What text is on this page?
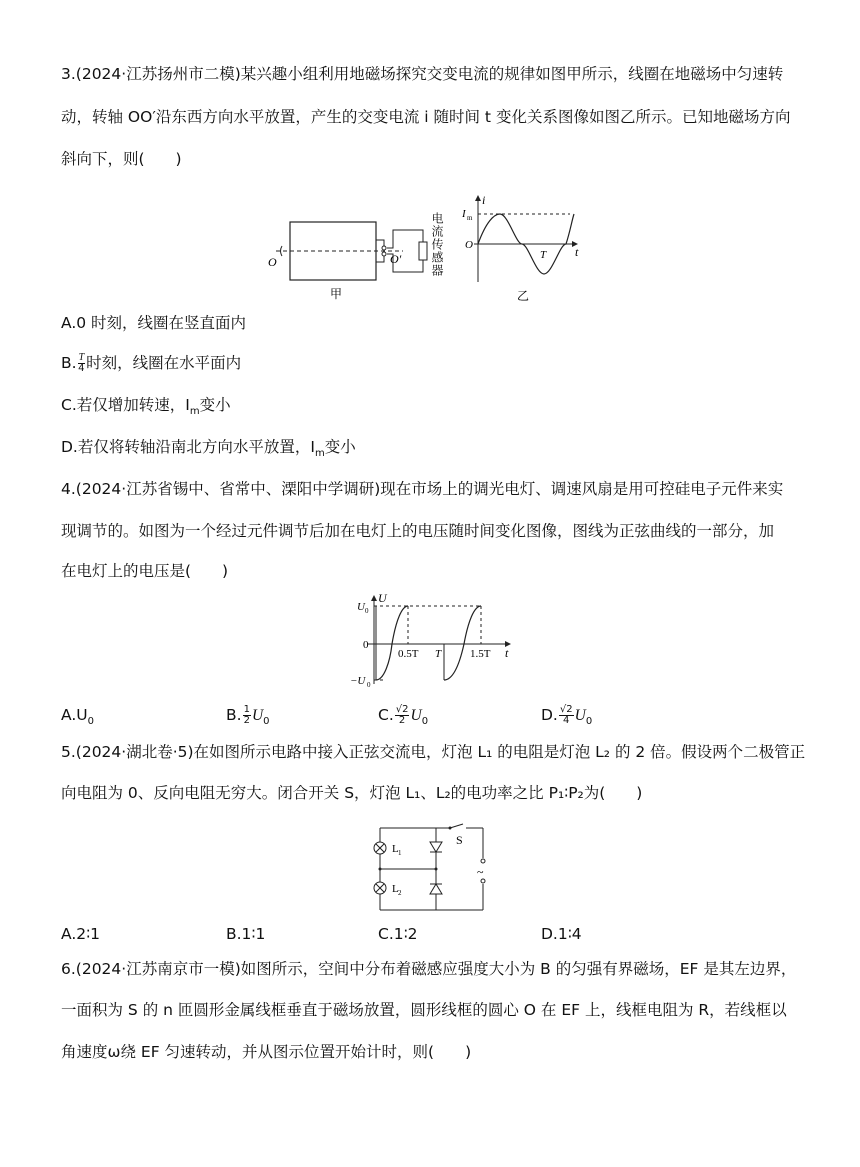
3.(2024·江苏扬州市二模)某兴趣小组利用地磁场探究交变电流的规律如图甲所示，线圈在地磁场中匀速转
动，转轴 OO′沿东西方向水平放置，产生的交变电流 i 随时间 t 变化关系图像如图乙所示。已知地磁场方向
斜向下，则(　　)
O	O′
甲
电流传感器
i
I m
O
T t
乙
A.0 时刻，线圈在竖直面内
B. $\frac{T}{4}$ 时刻，线圈在水平面内
C.若仅增加转速，$I_m$变小
D.若仅将转轴沿南北方向水平放置，$I_m$变小
4.(2024·江苏省锡中、省常中、溧阳中学调研)现在市场上的调光电灯、调速风扇是用可控硅电子元件来实
现调节的。如图为一个经过元件调节后加在电灯上的电压随时间变化图像，图线为正弦曲线的一部分，加
在电灯上的电压是(　　)
U
U 0
0
−U 0
0.5T T	1.5T t
$A.U_0$	B. $\frac{1}{2} U_0$	C. $\frac{√2}{2} U_0$	D. $\frac{√2}{4} U_0$
5.(2024·湖北卷·5)在如图所示电路中接入正弦交流电，灯泡 L₁ 的电阻是灯泡 L₂ 的 2 倍。假设两个二极管正
向电阻为 0、反向电阻无穷大。闭合开关 S，灯泡 L₁、L₂的电功率之比 P₁∶P₂为(　　)
L 1
L 2
S
~
A.2∶1	B.1∶1	C.1∶2	D.1∶4
6.(2024·江苏南京市一模)如图所示，空间中分布着磁感应强度大小为 B 的匀强有界磁场，EF 是其左边界，
一面积为 S 的 n 匝圆形金属线框垂直于磁场放置，圆形线框的圆心 O 在 EF 上，线框电阻为 R，若线框以
角速度ω绕 EF 匀速转动，并从图示位置开始计时，则(　　)
